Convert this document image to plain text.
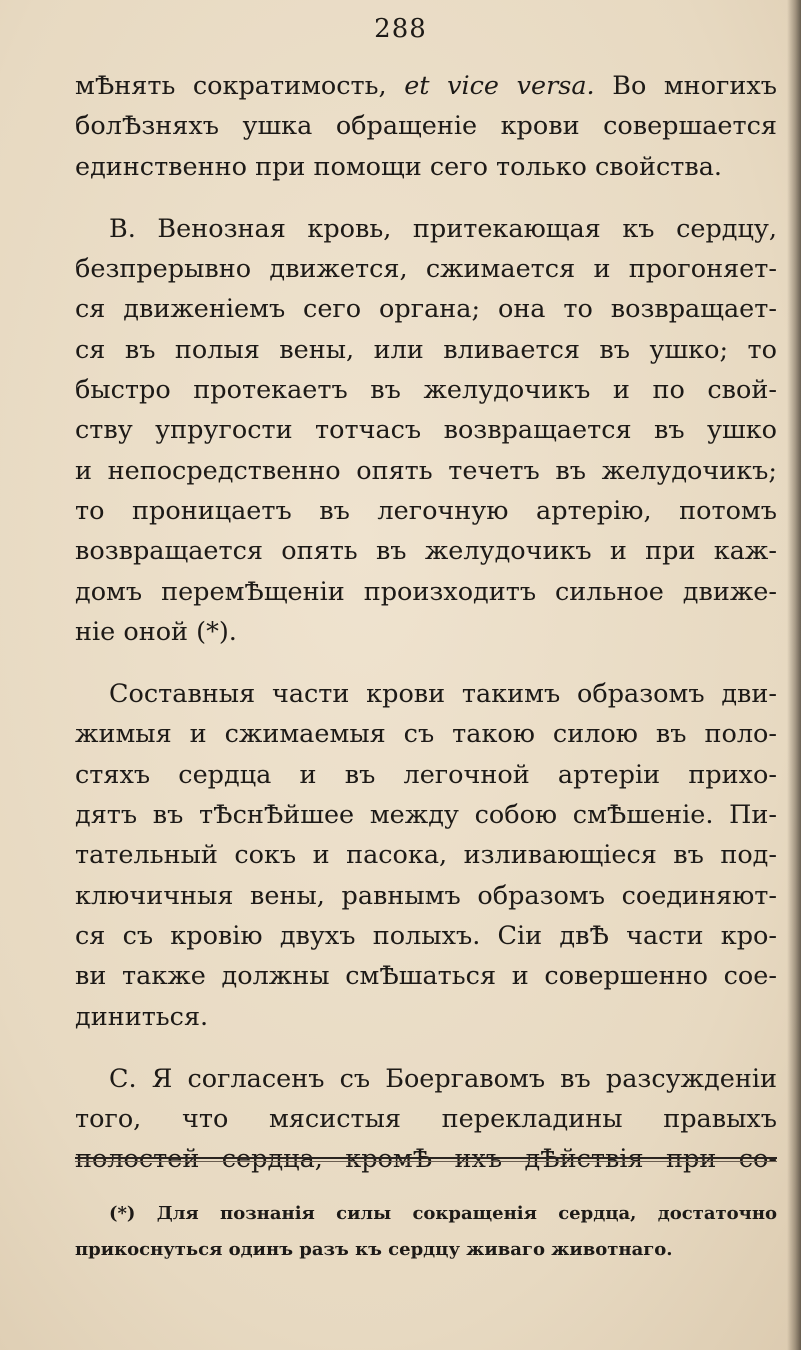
288
мѢнять сократимость, et vice versa. Во многихъ
болѢзняхъ ушка обращеніе крови совершается
единственно при помощи сего только свойства.
В. Венозная кровь, притекающая къ сердцу,
безпрерывно движется, сжимается и прогоняет-
ся движеніемъ сего органа; она то возвращает-
ся въ полыя вены, или вливается въ ушко; то
быстро протекаетъ въ желудочикъ и по свой-
ству упругости тотчасъ возвращается въ ушко
и непосредственно опять течетъ въ желудочикъ;
то проницаетъ въ легочную артерію, потомъ
возвращается опять въ желудочикъ и при каж-
домъ перемѢщеніи произходитъ сильное движе-
ніе оной (*).
Составныя части крови такимъ образомъ дви-
жимыя и сжимаемыя съ такою силою въ поло-
стяхъ сердца и въ легочной артеріи прихо-
дятъ въ тѢснѢйшее между собою смѢшеніе. Пи-
тательный сокъ и пасока, изливающіеся въ под-
ключичныя вены, равнымъ образомъ соединяют-
ся съ кровію двухъ полыхъ. Сіи двѢ части кро-
ви также должны смѢшаться и совершенно сое-
диниться.
С. Я согласенъ съ Боергавомъ въ разсужденіи
того, что мясистыя перекладины правыхъ
полостей сердца, кромѢ ихъ дѢйствія при со-
(*) Для познанія силы сокращенія сердца, достаточно
прикоснуться одинъ разъ къ сердцу живаго животнаго.
